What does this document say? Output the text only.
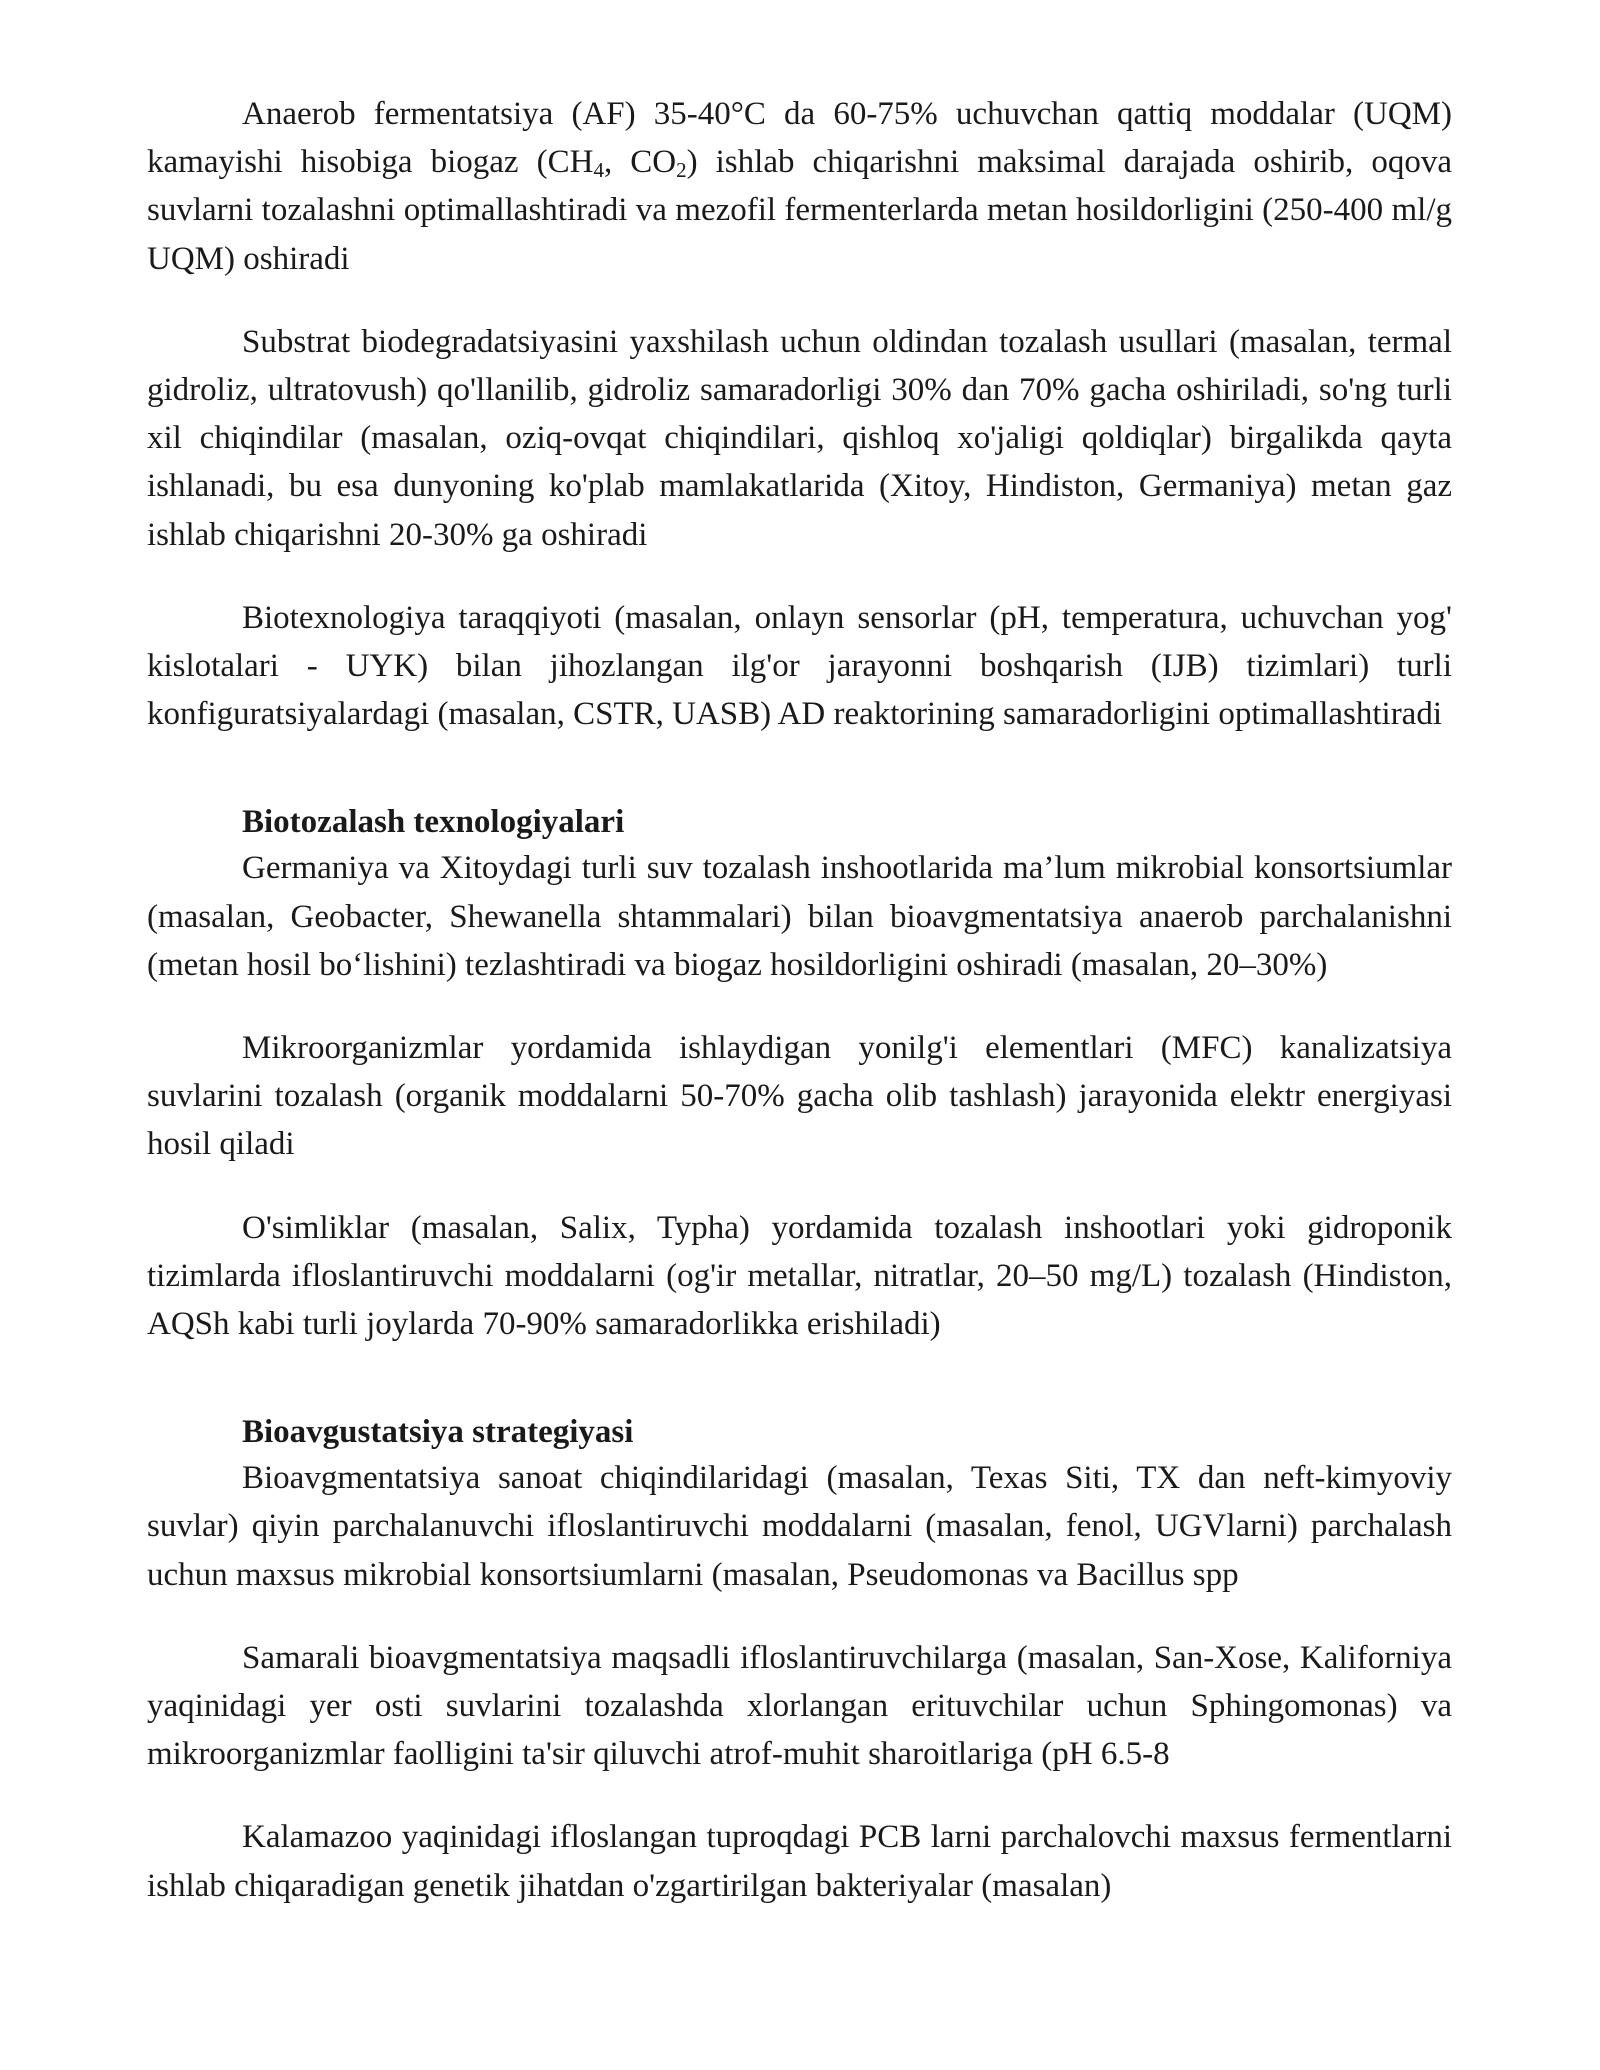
Anaerob fermentatsiya (AF) 35-40°C da 60-75% uchuvchan qattiq moddalar (UQM) kamayishi hisobiga biogaz ($CH_4$, $CO_2$) ishlab chiqarishni maksimal darajada oshirib, oqova suvlarni tozalashni optimallashtiradi va mezofil fermenterlarda metan hosildorligini (250-400 ml/g UQM) oshiradi

Substrat biodegradatsiyasini yaxshilash uchun oldindan tozalash usullari (masalan, termal gidroliz, ultratovush) qo'llanilib, gidroliz samaradorligi 30% dan 70% gacha oshiriladi, so'ng turli xil chiqindilar (masalan, oziq-ovqat chiqindilari, qishloq xo'jaligi qoldiqlar) birgalikda qayta ishlanadi, bu esa dunyoning ko'plab mamlakatlarida (Xitoy, Hindiston, Germaniya) metan gaz ishlab chiqarishni 20-30% ga oshiradi

Biotexnologiya taraqqiyoti (masalan, onlayn sensorlar (pH, temperatura, uchuvchan yog' kislotalari - UYK) bilan jihozlangan ilg'or jarayonni boshqarish (IJB) tizimlari) turli konfiguratsiyalardagi (masalan, CSTR, UASB) AD reaktorining samaradorligini optimallashtiradi

Biotozalash texnologiyalari

Germaniya va Xitoydagi turli suv tozalash inshootlarida ma’lum mikrobial konsortsiumlar (masalan, Geobacter, Shewanella shtammalari) bilan bioavgmentatsiya anaerob parchalanishni (metan hosil bo‘lishini) tezlashtiradi va biogaz hosildorligini oshiradi (masalan, 20–30%)

Mikroorganizmlar yordamida ishlaydigan yonilg'i elementlari (MFC) kanalizatsiya suvlarini tozalash (organik moddalarni 50-70% gacha olib tashlash) jarayonida elektr energiyasi hosil qiladi

O'simliklar (masalan, Salix, Typha) yordamida tozalash inshootlari yoki gidroponik tizimlarda ifloslantiruvchi moddalarni (og'ir metallar, nitratlar, 20–50 mg/L) tozalash (Hindiston, AQSh kabi turli joylarda 70-90% samaradorlikka erishiladi)

Bioavgustatsiya strategiyasi

Bioavgmentatsiya sanoat chiqindilaridagi (masalan, Texas Siti, TX dan neft-kimyoviy suvlar) qiyin parchalanuvchi ifloslantiruvchi moddalarni (masalan, fenol, UGVlarni) parchalash uchun maxsus mikrobial konsortsiumlarni (masalan, Pseudomonas va Bacillus spp

Samarali bioavgmentatsiya maqsadli ifloslantiruvchilarga (masalan, San-Xose, Kaliforniya yaqinidagi yer osti suvlarini tozalashda xlorlangan erituvchilar uchun Sphingomonas) va mikroorganizmlar faolligini ta'sir qiluvchi atrof-muhit sharoitlariga (pH 6.5-8

Kalamazoo yaqinidagi ifloslangan tuproqdagi PCB larni parchalovchi maxsus fermentlarni ishlab chiqaradigan genetik jihatdan o'zgartirilgan bakteriyalar (masalan)
